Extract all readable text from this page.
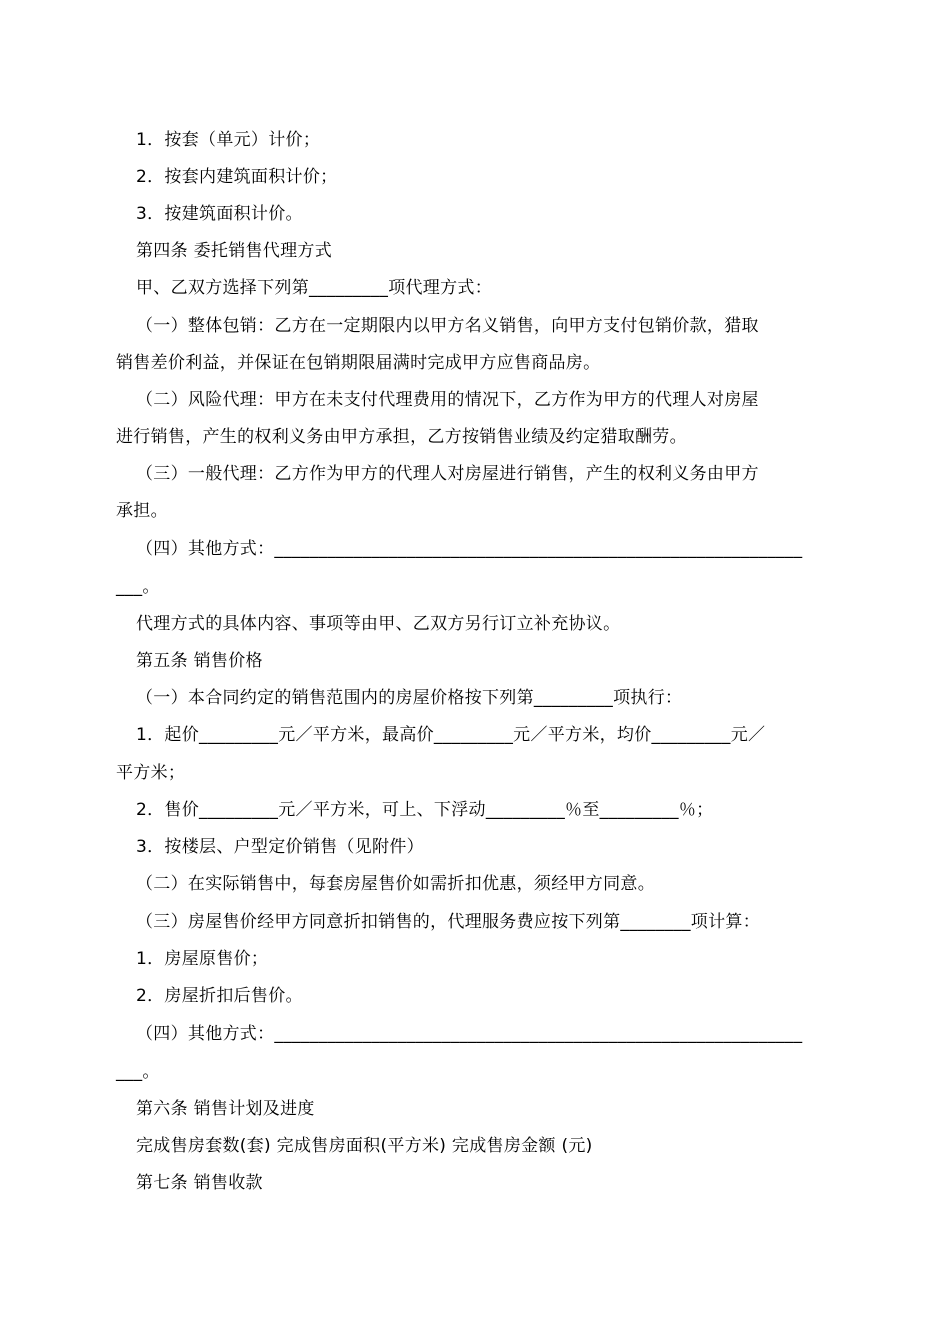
1．按套（单元）计价；
2．按套内建筑面积计价；
3．按建筑面积计价。
第四条 委托销售代理方式
甲、乙双方选择下列第_________项代理方式：
（一）整体包销：乙方在一定期限内以甲方名义销售，向甲方支付包销价款，猎取
销售差价利益，并保证在包销期限届满时完成甲方应售商品房。
（二）风险代理：甲方在未支付代理费用的情况下，乙方作为甲方的代理人对房屋
进行销售，产生的权利义务由甲方承担，乙方按销售业绩及约定猎取酬劳。
（三）一般代理：乙方作为甲方的代理人对房屋进行销售，产生的权利义务由甲方
承担。
（四）其他方式：____________________________________________________________
___。
代理方式的具体内容、事项等由甲、乙双方另行订立补充协议。
第五条 销售价格
（一）本合同约定的销售范围内的房屋价格按下列第_________项执行：
1．起价_________元／平方米，最高价_________元／平方米，均价_________元／
平方米；
2．售价_________元／平方米，可上、下浮动_________％至_________％；
3．按楼层、户型定价销售（见附件）
（二）在实际销售中，每套房屋售价如需折扣优惠，须经甲方同意。
（三）房屋售价经甲方同意折扣销售的，代理服务费应按下列第________项计算：
1．房屋原售价；
2．房屋折扣后售价。
（四）其他方式：____________________________________________________________
___。
第六条 销售计划及进度
完成售房套数(套) 完成售房面积(平方米) 完成售房金额 (元)
第七条 销售收款
